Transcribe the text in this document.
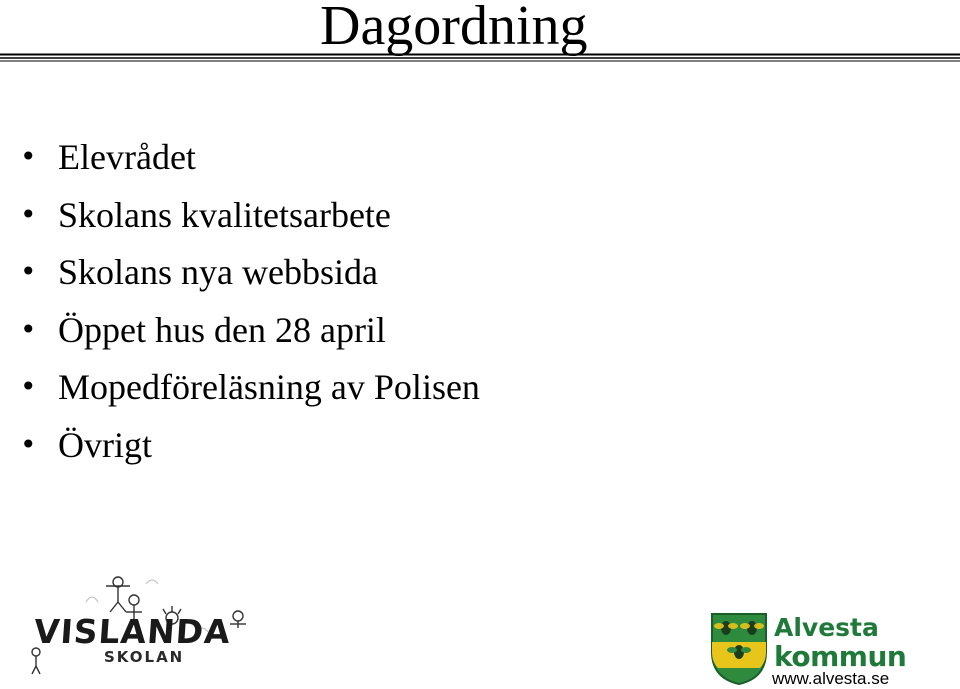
Dagordning
• Elevrådet
• Skolans kvalitetsarbete
• Skolans nya webbsida
• Öppet hus den 28 april
• Mopedföreläsning av Polisen
• Övrigt
VISLANDA
SKOLAN
Alvesta
kommun
www.alvesta.se
